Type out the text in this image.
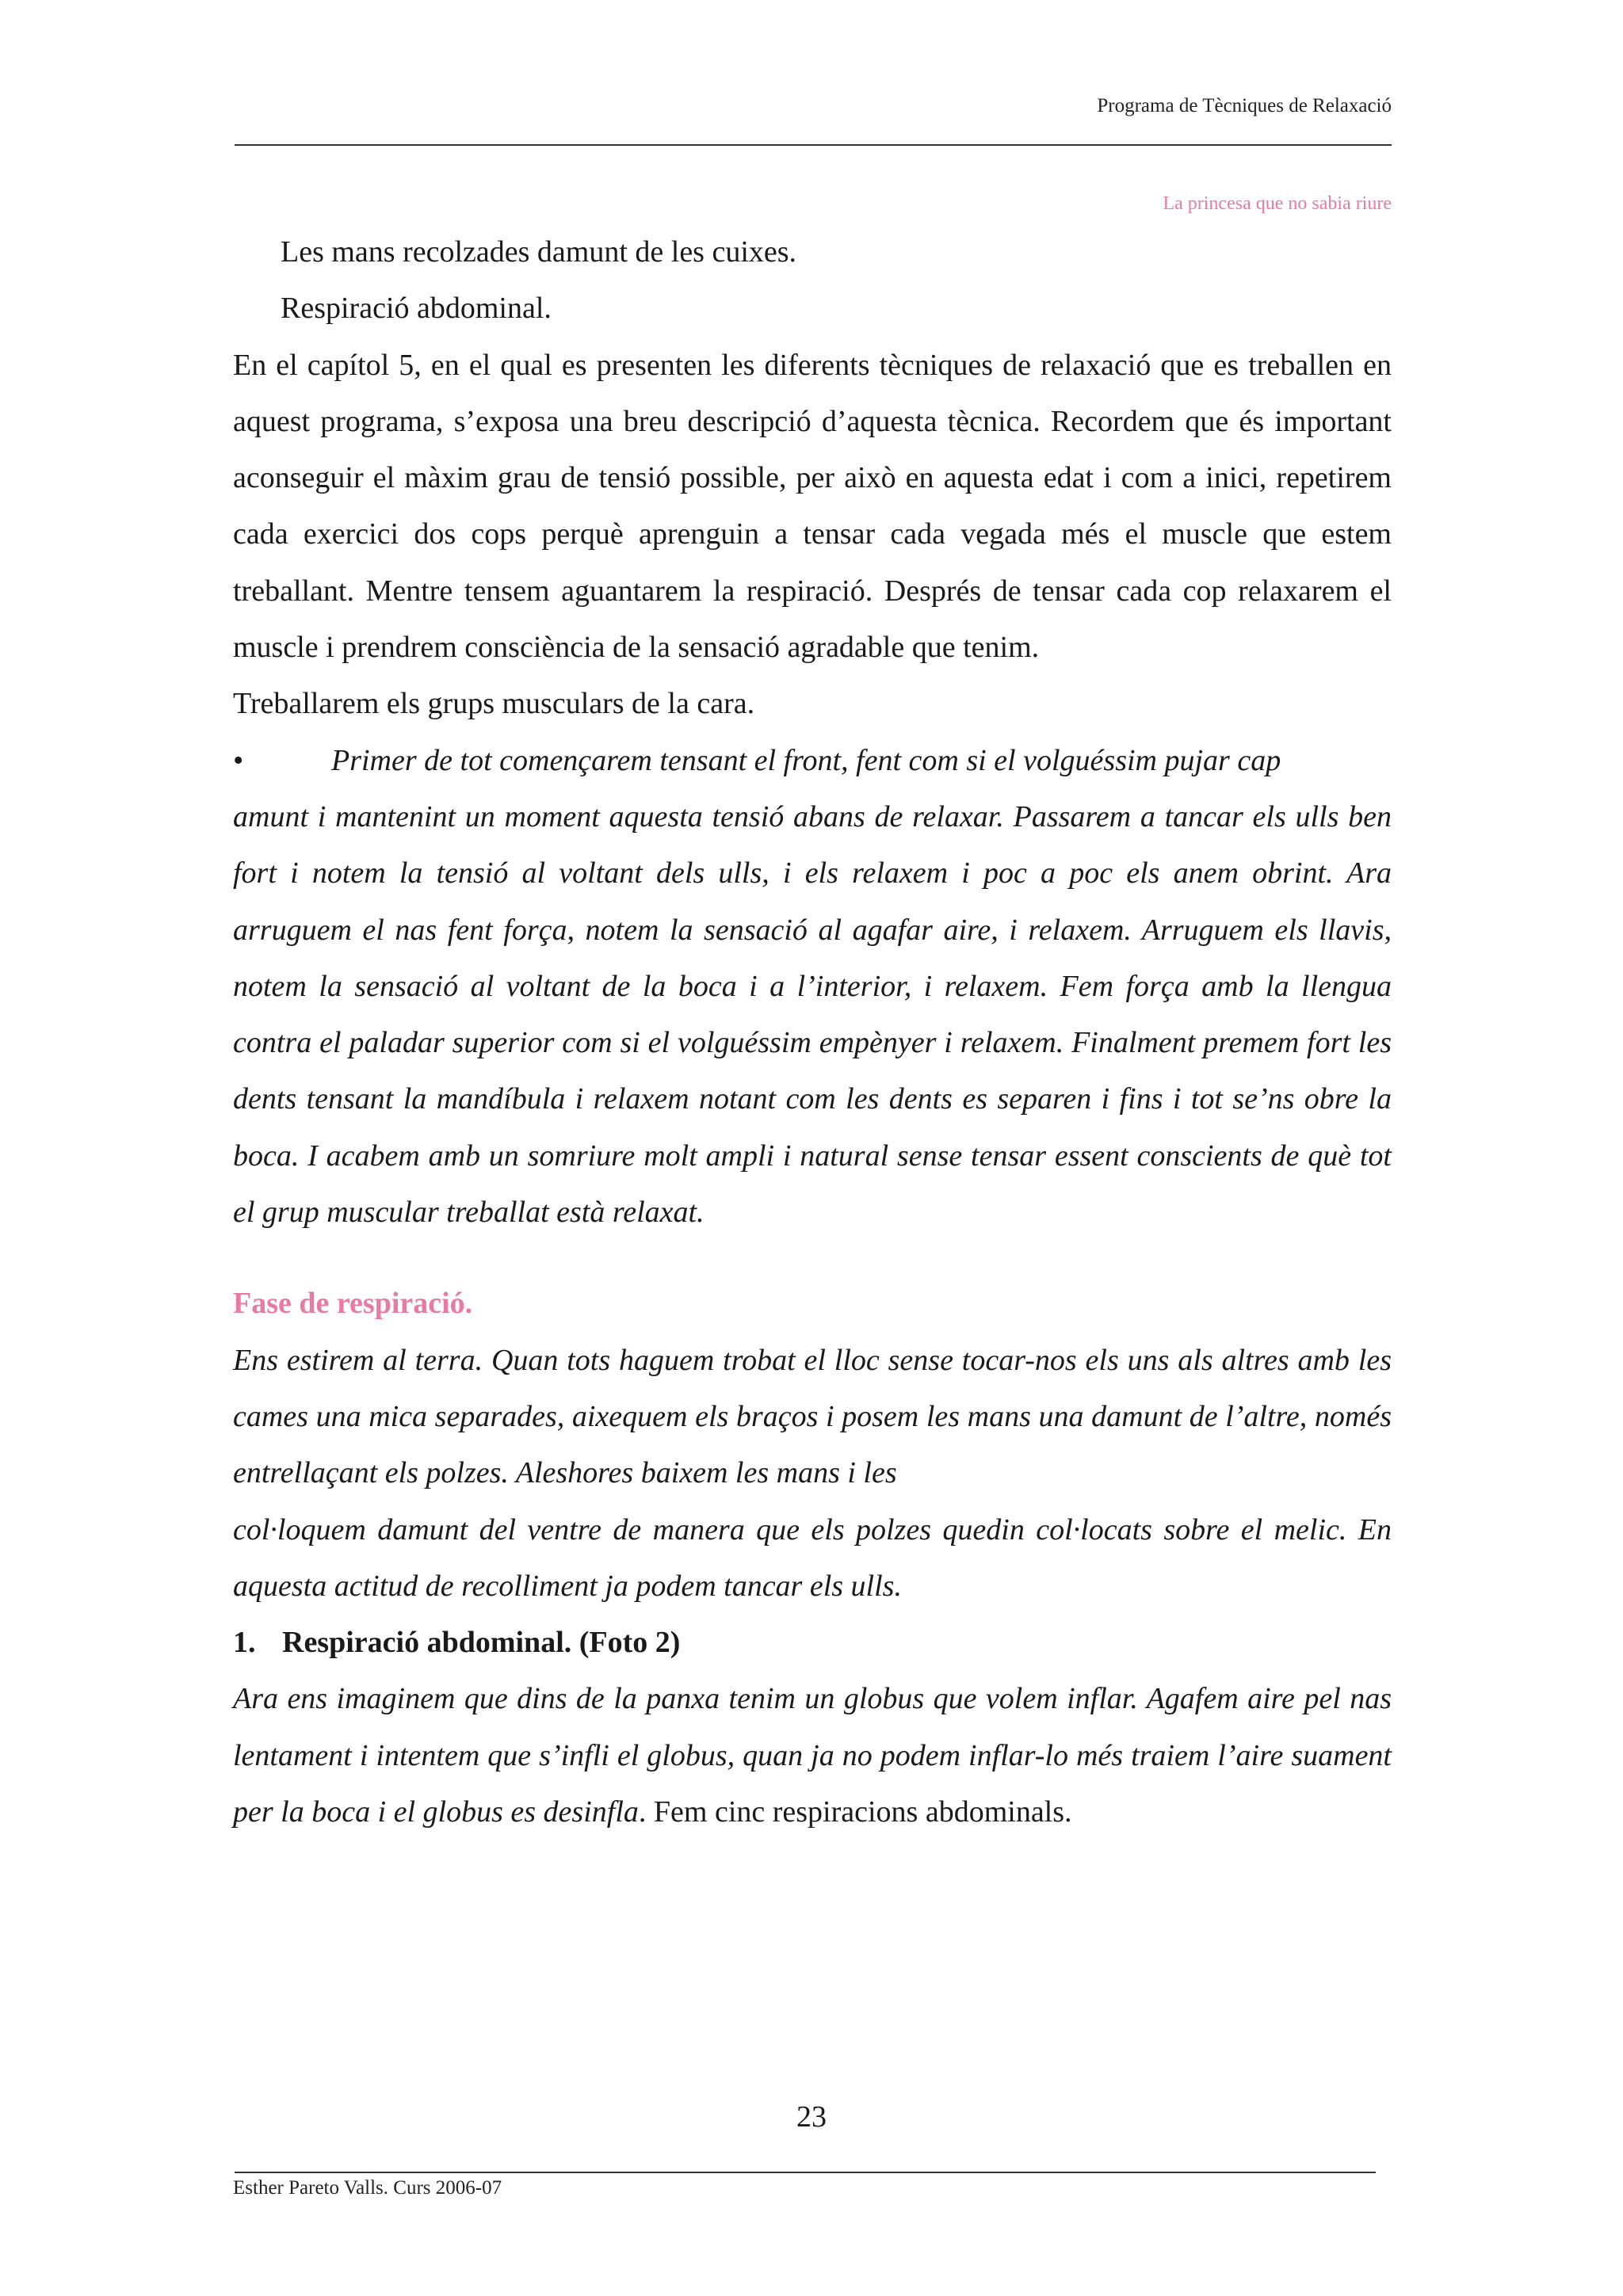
Programa de Tècniques de Relaxació
La princesa que no sabia riure

Les mans recolzades damunt de les cuixes.

Respiració abdominal.

En el capítol 5, en el qual es presenten les diferents tècniques de relaxació que es treballen en aquest programa, s’exposa una breu descripció d’aquesta tècnica. Recordem que és important aconseguir el màxim grau de tensió possible, per això en aquesta edat i com a inici, repetirem cada exercici dos cops perquè aprenguin a tensar cada vegada més el muscle que estem treballant. Mentre tensem aguantarem la respiració. Després de tensar cada cop relaxarem el muscle i prendrem consciència de la sensació agradable que tenim.

Treballarem els grups musculars de la cara.

•	Primer de tot començarem tensant el front, fent com si el volguéssim pujar cap

amunt i mantenint un moment aquesta tensió abans de relaxar. Passarem a tancar els ulls ben fort i notem la tensió al voltant dels ulls, i els relaxem i poc a poc els anem obrint. Ara arruguem el nas fent força, notem la sensació al agafar aire, i relaxem. Arruguem els llavis, notem la sensació al voltant de la boca i a l’interior, i relaxem. Fem força amb la llengua contra el paladar superior com si el volguéssim empènyer i relaxem. Finalment premem fort les dents tensant la mandíbula i relaxem notant com les dents es separen i fins i tot se’ns obre la boca. I acabem amb un somriure molt ampli i natural sense tensar essent conscients de què tot el grup muscular treballat està relaxat.

Fase de respiració.

Ens estirem al terra. Quan tots haguem trobat el lloc sense tocar-nos els uns als altres amb les cames una mica separades, aixequem els braços i posem les mans una damunt de l’altre, només entrellaçant els polzes. Aleshores baixem les mans i les

col·loquem damunt del ventre de manera que els polzes quedin col·locats sobre el melic. En aquesta actitud de recolliment ja podem tancar els ulls.

1. Respiració abdominal. (Foto 2)

Ara ens imaginem que dins de la panxa tenim un globus que volem inflar. Agafem aire pel nas lentament i intentem que s’infli el globus, quan ja no podem inflar-lo més traiem l’aire suament per la boca i el globus es desinfla. Fem cinc respiracions abdominals.

23
Esther Pareto Valls. Curs 2006-07
